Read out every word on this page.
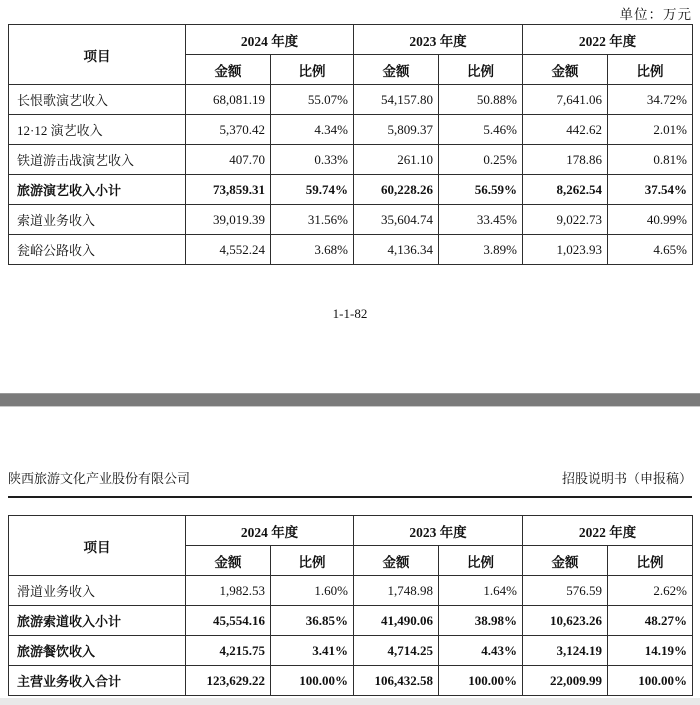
单位：万元
项目	2024 年度		2023 年度		2022 年度	
	金额	比例	金额	比例	金额	比例
长恨歌演艺收入	68,081.19	55.07%	54,157.80	50.88%	7,641.06	34.72%
12·12 演艺收入	5,370.42	4.34%	5,809.37	5.46%	442.62	2.01%
铁道游击战演艺收入	407.70	0.33%	261.10	0.25%	178.86	0.81%
旅游演艺收入小计	73,859.31	59.74%	60,228.26	56.59%	8,262.54	37.54%
索道业务收入	39,019.39	31.56%	35,604.74	33.45%	9,022.73	40.99%
瓮峪公路收入	4,552.24	3.68%	4,136.34	3.89%	1,023.93	4.65%
1-1-82
陕西旅游文化产业股份有限公司	招股说明书（申报稿）
项目	2024 年度		2023 年度		2022 年度	
	金额	比例	金额	比例	金额	比例
滑道业务收入	1,982.53	1.60%	1,748.98	1.64%	576.59	2.62%
旅游索道收入小计	45,554.16	36.85%	41,490.06	38.98%	10,623.26	48.27%
旅游餐饮收入	4,215.75	3.41%	4,714.25	4.43%	3,124.19	14.19%
主营业务收入合计	123,629.22	100.00%	106,432.58	100.00%	22,009.99	100.00%
